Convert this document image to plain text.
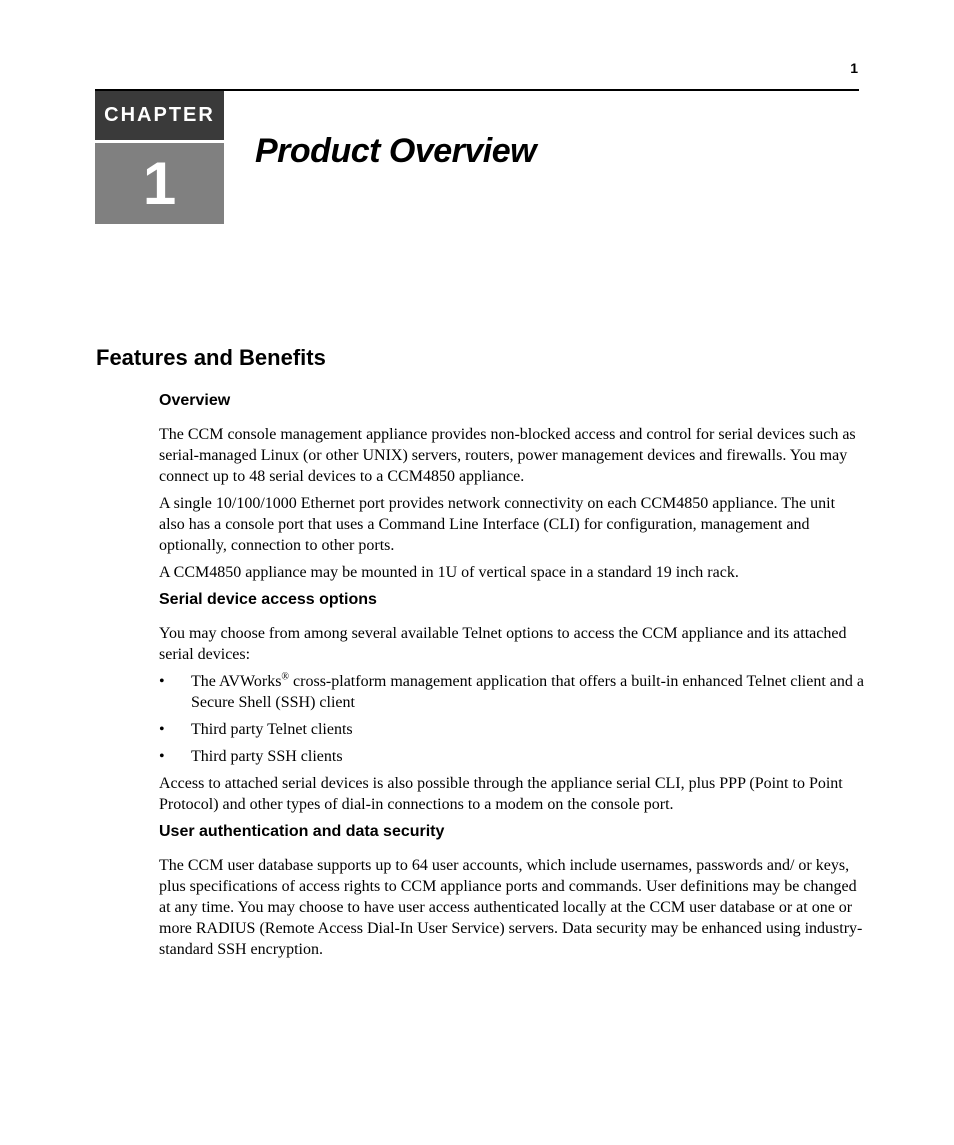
1
CHAPTER
1	Product Overview
Features and Benefits
Overview

The CCM console management appliance provides non-blocked access and control for serial devices such as serial-managed Linux (or other UNIX) servers, routers, power management devices and firewalls. You may connect up to 48 serial devices to a CCM4850 appliance.

A single 10/100/1000 Ethernet port provides network connectivity on each CCM4850 appliance. The unit also has a console port that uses a Command Line Interface (CLI) for configuration, management and optionally, connection to other ports.

A CCM4850 appliance may be mounted in 1U of vertical space in a standard 19 inch rack.

Serial device access options

You may choose from among several available Telnet options to access the CCM appliance and its attached serial devices:

• The AVWorks® cross-platform management application that offers a built-in enhanced Telnet client and a Secure Shell (SSH) client
• Third party Telnet clients
• Third party SSH clients

Access to attached serial devices is also possible through the appliance serial CLI, plus PPP (Point to Point Protocol) and other types of dial-in connections to a modem on the console port.

User authentication and data security

The CCM user database supports up to 64 user accounts, which include usernames, passwords and/ or keys, plus specifications of access rights to CCM appliance ports and commands. User definitions may be changed at any time. You may choose to have user access authenticated locally at the CCM user database or at one or more RADIUS (Remote Access Dial-In User Service) servers. Data security may be enhanced using industry-standard SSH encryption.
